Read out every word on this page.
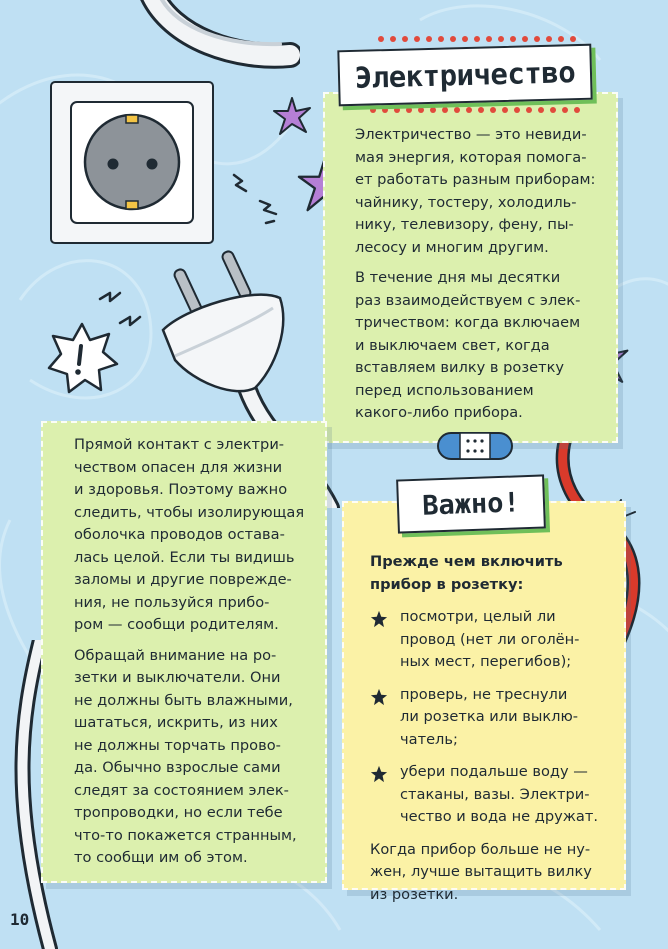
Электричество — это невиди-
мая энергия, которая помога-
ет работать разным приборам:
чайнику, тостеру, холодиль-
нику, телевизору, фену, пы-
лесосу и многим другим.

В течение дня мы десятки
раз взаимодействуем с элек-
тричеством: когда включаем
и выключаем свет, когда
вставляем вилку в розетку
перед использованием
какого-либо прибора.

Электричество

Прямой контакт с электри-
чеством опасен для жизни
и здоровья. Поэтому важно
следить, чтобы изолирующая
оболочка проводов остава-
лась целой. Если ты видишь
заломы и другие поврежде-
ния, не пользуйся прибо-
ром — сообщи родителям.

Обращай внимание на ро-
зетки и выключатели. Они
не должны быть влажными,
шататься, искрить, из них
не должны торчать прово-
да. Обычно взрослые сами
следят за состоянием элек-
тропроводки, но если тебе
что-то покажется странным,
то сообщи им об этом.

Прежде чем включить
прибор в розетку:

посмотри, целый ли
провод (нет ли оголён-
ных мест, перегибов);
проверь, не треснули
ли розетка или выклю-
чатель;
убери подальше воду —
стаканы, вазы. Электри-
чество и вода не дружат.

Когда прибор больше не ну-
жен, лучше вытащить вилку
из розетки.

Важно!
10
